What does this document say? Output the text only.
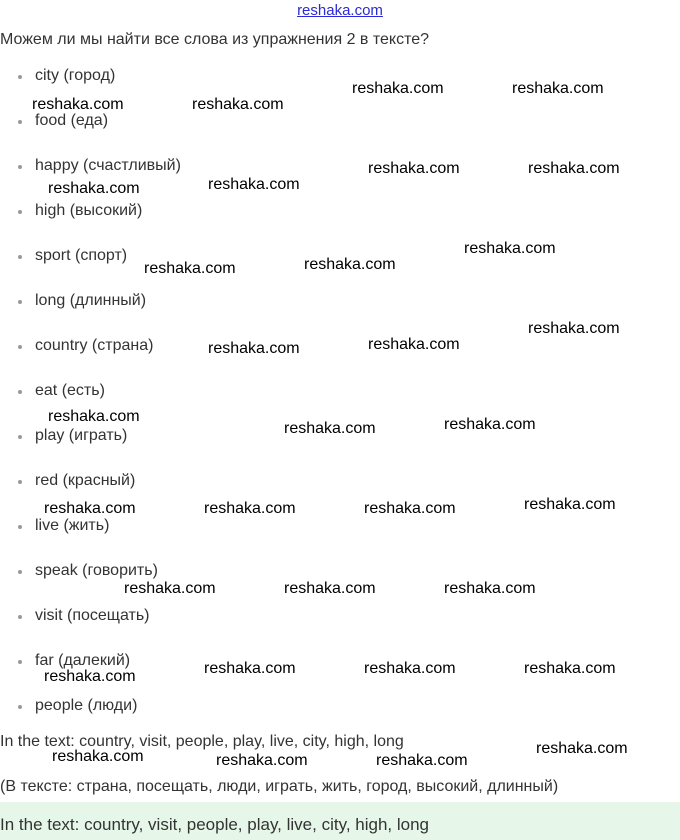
reshaka.com
Можем ли мы найти все слова из упражнения 2 в тексте?
city (город)
food (еда)
happy (счастливый)
high (высокий)
sport (спорт)
long (длинный)
country (страна)
eat (есть)
play (играть)
red (красный)
live (жить)
speak (говорить)
visit (посещать)
far (далекий)
people (люди)
In the text: country, visit, people, play, live, city, high, long
(В тексте: страна, посещать, люди, играть, жить, город, высокий, длинный)
In the text: country, visit, people, play, live, city, high, long
reshaka.com	reshaka.com
reshaka.com	reshaka.com
reshaka.com	reshaka.com
reshaka.com	reshaka.com
reshaka.com	reshaka.com
reshaka.com
reshaka.com
reshaka.com	reshaka.com
reshaka.com
reshaka.com	reshaka.com
reshaka.com	reshaka.com	reshaka.com	reshaka.com
reshaka.com	reshaka.com	reshaka.com
reshaka.com	reshaka.com	reshaka.com	reshaka.com
reshaka.com
reshaka.com	reshaka.com	reshaka.com
